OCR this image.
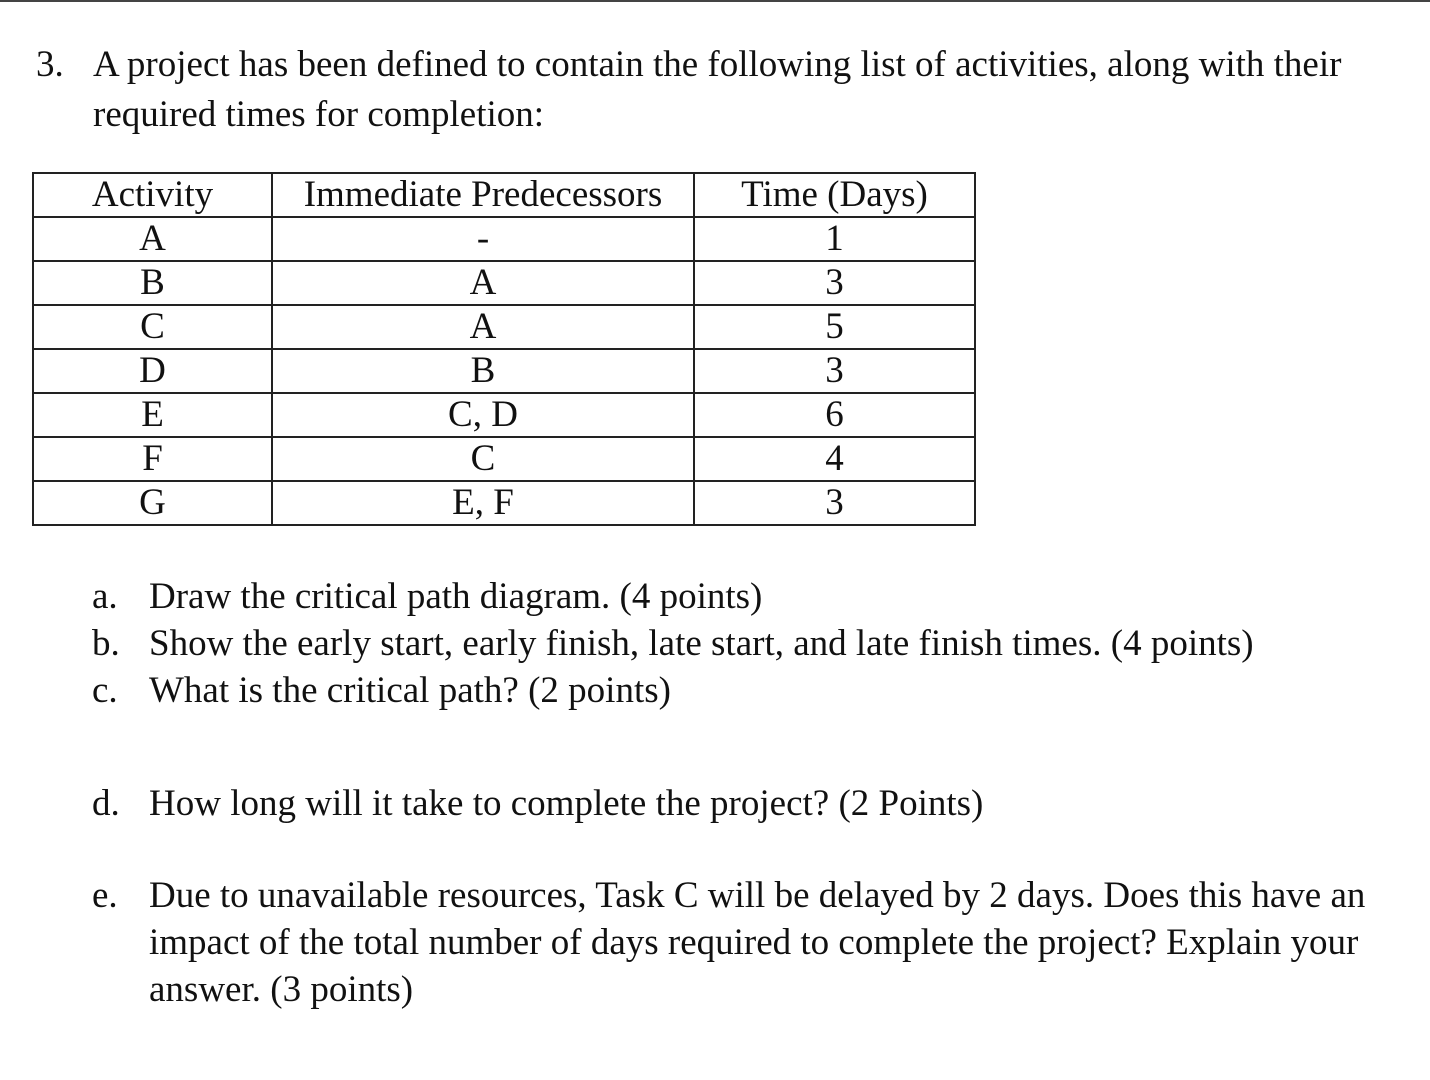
3. A project has been defined to contain the following list of activities, along with their required times for completion:
Activity	Immediate Predecessors	Time (Days)
A	-	1
B	A	3
C	A	5
D	B	3
E	C, D	6
F	C	4
G	E, F	3
a. Draw the critical path diagram. (4 points)
b. Show the early start, early finish, late start, and late finish times. (4 points)
c. What is the critical path? (2 points)
d. How long will it take to complete the project? (2 Points)
e. Due to unavailable resources, Task C will be delayed by 2 days. Does this have an impact of the total number of days required to complete the project? Explain your answer. (3 points)
